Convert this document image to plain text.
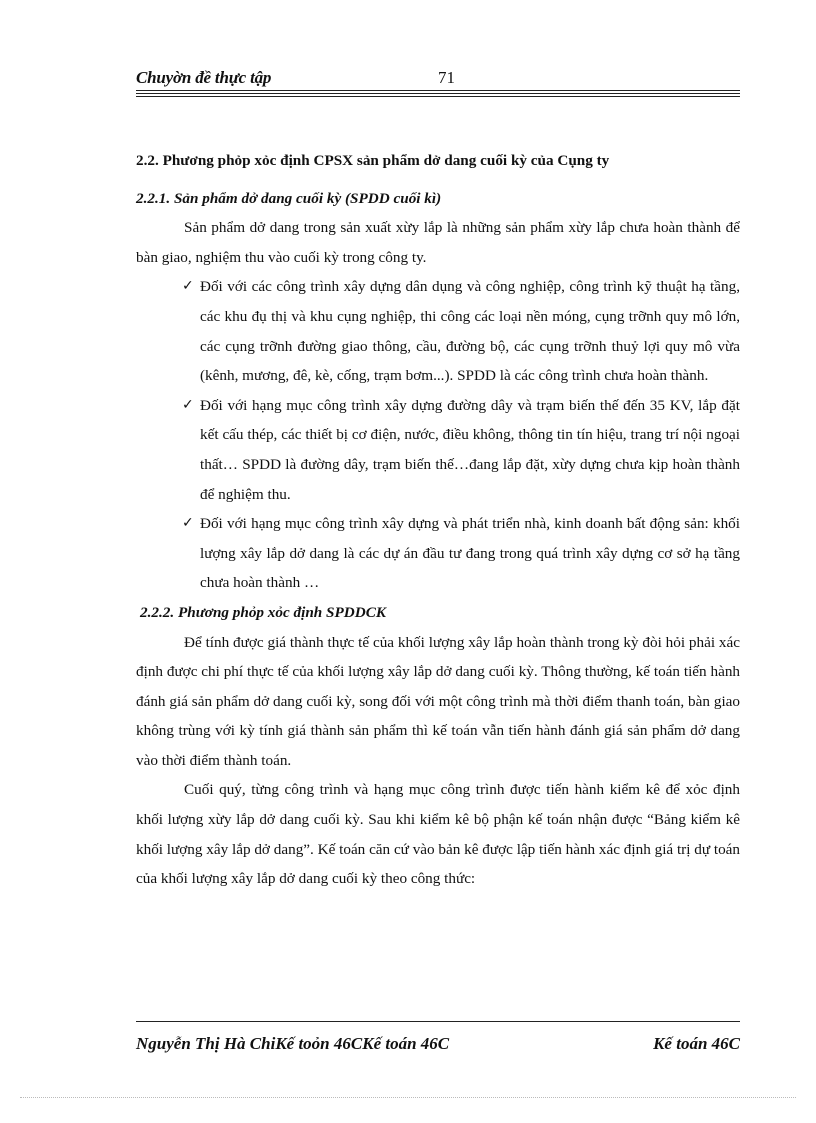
Chuyờn đề thực tập	71
2.2. Phương phỏp xỏc định CPSX sản phẩm dở dang cuối kỳ của Cụng ty
2.2.1. Sản phẩm dở dang cuối kỳ (SPDD cuối kì)

Sản phẩm dở dang trong sản xuất xừy lắp là những sản phẩm xừy lắp chưa hoàn thành để bàn giao, nghiệm thu vào cuối kỳ trong công ty.

✓ Đối với các công trình xây dựng dân dụng và công nghiệp, công trình kỹ thuật hạ tầng, các khu đụ thị và khu cụng nghiệp, thi công các loại nền móng, cụng trỡnh quy mô lớn, các cụng trỡnh đường giao thông, cầu, đường bộ, các cụng trỡnh thuỷ lợi quy mô vừa (kênh, mương, đê, kè, cống, trạm bơm...). SPDD là các công trình chưa hoàn thành.
✓ Đối với hạng mục công trình xây dựng đường dây và trạm biến thế đến 35 KV, lắp đặt kết cấu thép, các thiết bị cơ điện, nước, điều không, thông tin tín hiệu, trang trí nội ngoại thất… SPDD là đường dây, trạm biến thế…đang lắp đặt, xừy dựng chưa kịp hoàn thành để nghiệm thu.
✓ Đối với hạng mục công trình xây dựng và phát triển nhà, kinh doanh bất động sản: khối lượng xây lắp dở dang là các dự án đầu tư đang trong quá trình xây dựng cơ sở hạ tầng chưa hoàn thành …
2.2.2. Phương phỏp xỏc định SPDDCK

Để tính được giá thành thực tế của khối lượng xây lắp hoàn thành trong kỳ đòi hỏi phải xác định được chi phí thực tế của khối lượng xây lắp dở dang cuối kỳ. Thông thường, kế toán tiến hành đánh giá sản phẩm dở dang cuối kỳ, song đối với một công trình mà thời điểm thanh toán, bàn giao không trùng với kỳ tính giá thành sản phẩm thì kế toán vẫn tiến hành đánh giá sản phẩm dở dang vào thời điểm thành toán.

Cuối quý, từng công trình và hạng mục công trình được tiến hành kiểm kê để xỏc định khối lượng xừy lắp dở dang cuối kỳ. Sau khi kiểm kê bộ phận kế toán nhận được “Bảng kiểm kê khối lượng xây lắp dở dang”. Kế toán căn cứ vào bản kê được lập tiến hành xác định giá trị dự toán của khối lượng xây lắp dở dang cuối kỳ theo công thức:

Nguyễn Thị Hà ChiKế toỏn 46CKế toán 46C	Kế toán 46C
